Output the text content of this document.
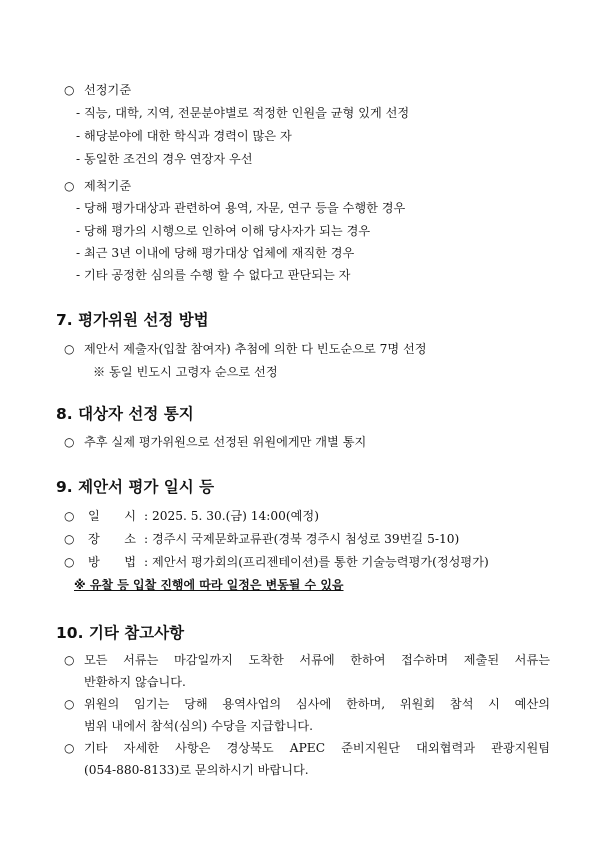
○ 선정기준
- 직능, 대학, 지역, 전문분야별로 적정한 인원을 균형 있게 선정
- 해당분야에 대한 학식과 경력이 많은 자
- 동일한 조건의 경우 연장자 우선
○ 제척기준
- 당해 평가대상과 관련하여 용역, 자문, 연구 등을 수행한 경우
- 당해 평가의 시행으로 인하여 이해 당사자가 되는 경우
- 최근 3년 이내에 당해 평가대상 업체에 재직한 경우
- 기타 공정한 심의를 수행 할 수 없다고 판단되는 자
7. 평가위원 선정 방법
○ 제안서 제출자(입찰 참여자) 추첨에 의한 다 빈도순으로 7명 선정
※ 동일 빈도시 고령자 순으로 선정
8. 대상자 선정 통지
○ 추후 실제 평가위원으로 선정된 위원에게만 개별 통지
9. 제안서 평가 일시 등
○ 일 시 : 2025. 5. 30.(금) 14:00(예정)
○ 장 소 : 경주시 국제문화교류관(경북 경주시 첨성로 39번길 5-10)
○ 방 법 : 제안서 평가회의(프리젠테이션)를 통한 기술능력평가(정성평가)
※ 유찰 등 입찰 진행에 따라 일정은 변동될 수 있음
10. 기타 참고사항
○ 모든 서류는 마감일까지 도착한 서류에 한하여 접수하며 제출된 서류는
반환하지 않습니다.
○ 위원의 임기는 당해 용역사업의 심사에 한하며, 위원회 참석 시 예산의
범위 내에서 참석(심의) 수당을 지급합니다.
○ 기타 자세한 사항은 경상북도 APEC 준비지원단 대외협력과 관광지원팀
(054-880-8133)로 문의하시기 바랍니다.
